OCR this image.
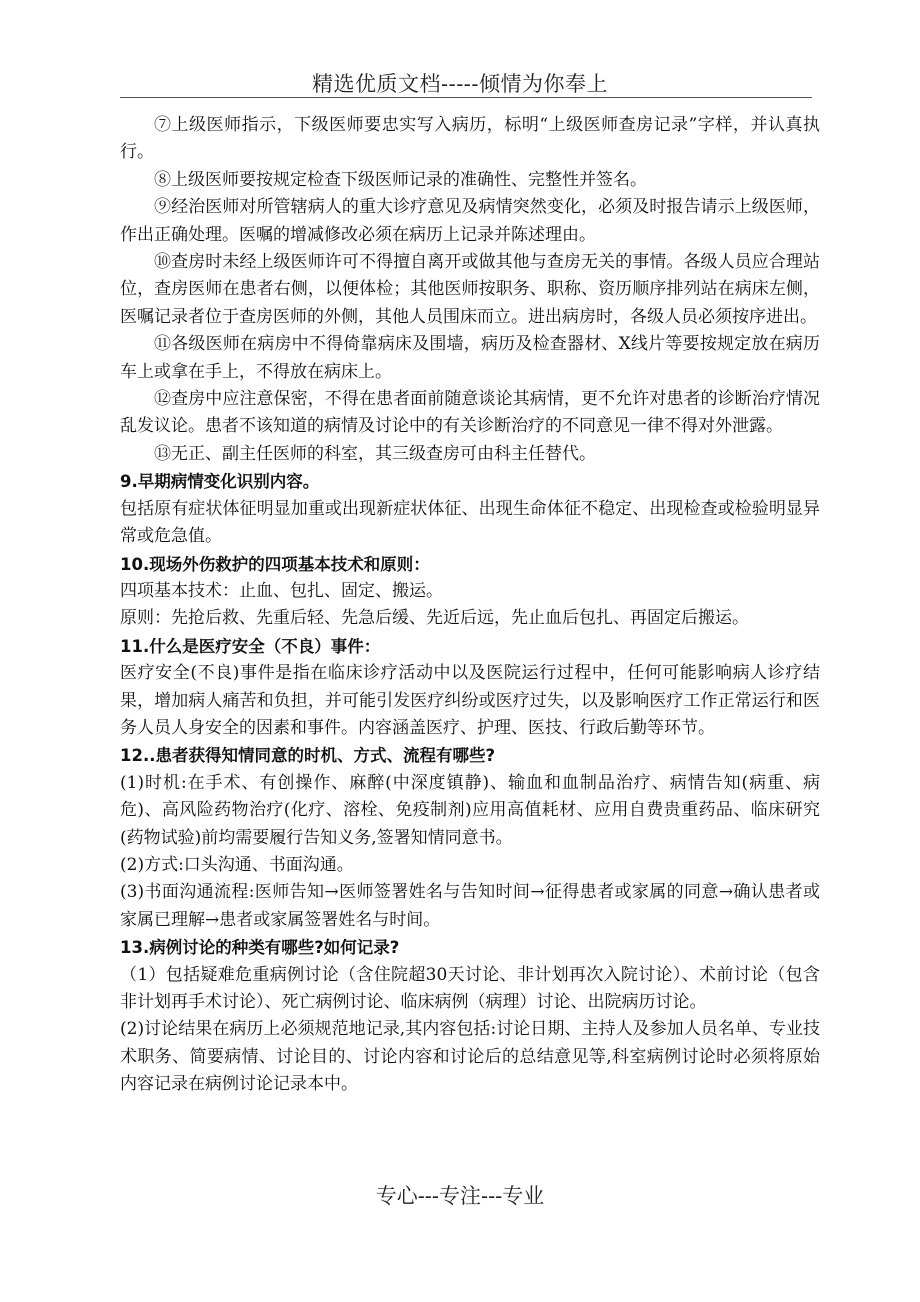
精选优质文档-----倾情为你奉上

⑦上级医师指示，下级医师要忠实写入病历，标明“上级医师查房记录”字样，并认真执行。

⑧上级医师要按规定检查下级医师记录的准确性、完整性并签名。

⑨经治医师对所管辖病人的重大诊疗意见及病情突然变化，必须及时报告请示上级医师，作出正确处理。医嘱的增减修改必须在病历上记录并陈述理由。

⑩查房时未经上级医师许可不得擅自离开或做其他与查房无关的事情。各级人员应合理站位，查房医师在患者右侧，以便体检；其他医师按职务、职称、资历顺序排列站在病床左侧，医嘱记录者位于查房医师的外侧，其他人员围床而立。进出病房时，各级人员必须按序进出。

⑪各级医师在病房中不得倚靠病床及围墙，病历及检查器材、X线片等要按规定放在病历车上或拿在手上，不得放在病床上。

⑫查房中应注意保密，不得在患者面前随意谈论其病情，更不允许对患者的诊断治疗情况乱发议论。患者不该知道的病情及讨论中的有关诊断治疗的不同意见一律不得对外泄露。

⑬无正、副主任医师的科室，其三级查房可由科主任替代。

9.早期病情变化识别内容。

包括原有症状体征明显加重或出现新症状体征、出现生命体征不稳定、出现检查或检验明显异常或危急值。

10.现场外伤救护的四项基本技术和原则：

四项基本技术：止血、包扎、固定、搬运。

原则：先抢后救、先重后轻、先急后缓、先近后远，先止血后包扎、再固定后搬运。

11.什么是医疗安全（不良）事件：

医疗安全(不良)事件是指在临床诊疗活动中以及医院运行过程中，任何可能影响病人诊疗结果，增加病人痛苦和负担，并可能引发医疗纠纷或医疗过失，以及影响医疗工作正常运行和医务人员人身安全的因素和事件。内容涵盖医疗、护理、医技、行政后勤等环节。

12..患者获得知情同意的时机、方式、流程有哪些?

(1)时机:在手术、有创操作、麻醉(中深度镇静)、输血和血制品治疗、病情告知(病重、病危)、高风险药物治疗(化疗、溶栓、免疫制剂)应用高值耗材、应用自费贵重药品、临床研究(药物试验)前均需要履行告知义务,签署知情同意书。

(2)方式:口头沟通、书面沟通。

(3)书面沟通流程:医师告知→医师签署姓名与告知时间→征得患者或家属的同意→确认患者或家属已理解→患者或家属签署姓名与时间。

13.病例讨论的种类有哪些?如何记录?

（1）包括疑难危重病例讨论（含住院超30天讨论、非计划再次入院讨论）、术前讨论（包含非计划再手术讨论）、死亡病例讨论、临床病例（病理）讨论、出院病历讨论。

(2)讨论结果在病历上必须规范地记录,其内容包括:讨论日期、主持人及参加人员名单、专业技术职务、简要病情、讨论目的、讨论内容和讨论后的总结意见等,科室病例讨论时必须将原始内容记录在病例讨论记录本中。

专心---专注---专业
